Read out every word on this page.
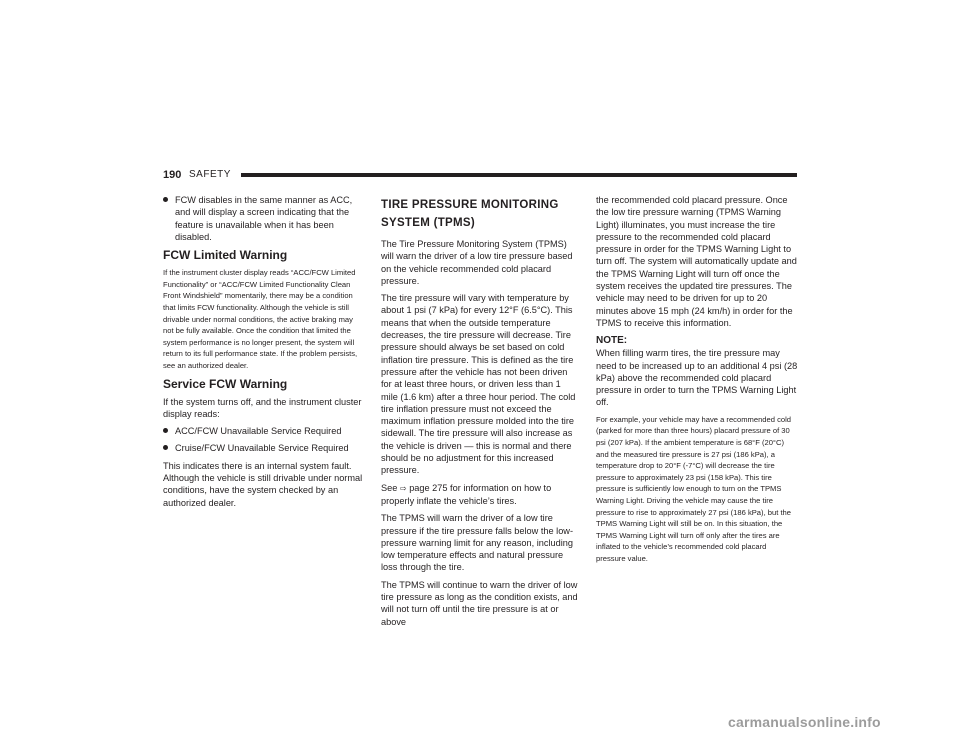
190 SAFETY
FCW disables in the same manner as ACC, and will display a screen indicating that the feature is unavailable when it has been disabled.
FCW Limited Warning

If the instrument cluster display reads “ACC/FCW Limited Functionality” or “ACC/FCW Limited Functionality Clean Front Windshield” momentarily, there may be a condition that limits FCW functionality. Although the vehicle is still drivable under normal conditions, the active braking may not be fully available. Once the condition that limited the system performance is no longer present, the system will return to its full performance state. If the problem persists, see an authorized dealer.

Service FCW Warning

If the system turns off, and the instrument cluster display reads:

ACC/FCW Unavailable Service Required
Cruise/FCW Unavailable Service Required

This indicates there is an internal system fault. Although the vehicle is still drivable under normal conditions, have the system checked by an authorized dealer.

TIRE PRESSURE MONITORING
SYSTEM (TPMS)

The Tire Pressure Monitoring System (TPMS) will warn the driver of a low tire pressure based on the vehicle recommended cold placard pressure.

The tire pressure will vary with temperature by about 1 psi (7 kPa) for every 12°F (6.5°C). This means that when the outside temperature decreases, the tire pressure will decrease. Tire pressure should always be set based on cold inflation tire pressure. This is defined as the tire pressure after the vehicle has not been driven for at least three hours, or driven less than 1 mile (1.6 km) after a three hour period. The cold tire inflation pressure must not exceed the maximum inflation pressure molded into the tire sidewall. The tire pressure will also increase as the vehicle is driven — this is normal and there should be no adjustment for this increased pressure.

See ⇨ page 275 for information on how to properly inflate the vehicle’s tires.

The TPMS will warn the driver of a low tire pressure if the tire pressure falls below the low-pressure warning limit for any reason, including low temperature effects and natural pressure loss through the tire.

The TPMS will continue to warn the driver of low tire pressure as long as the condition exists, and will not turn off until the tire pressure is at or above

the recommended cold placard pressure. Once the low tire pressure warning (TPMS Warning Light) illuminates, you must increase the tire pressure to the recommended cold placard pressure in order for the TPMS Warning Light to turn off. The system will automatically update and the TPMS Warning Light will turn off once the system receives the updated tire pressures. The vehicle may need to be driven for up to 20 minutes above 15 mph (24 km/h) in order for the TPMS to receive this information.

NOTE:

When filling warm tires, the tire pressure may need to be increased up to an additional 4 psi (28 kPa) above the recommended cold placard pressure in order to turn the TPMS Warning Light off.

For example, your vehicle may have a recommended cold (parked for more than three hours) placard pressure of 30 psi (207 kPa). If the ambient temperature is 68°F (20°C) and the measured tire pressure is 27 psi (186 kPa), a temperature drop to 20°F (-7°C) will decrease the tire pressure to approximately 23 psi (158 kPa). This tire pressure is sufficiently low enough to turn on the TPMS Warning Light. Driving the vehicle may cause the tire pressure to rise to approximately 27 psi (186 kPa), but the TPMS Warning Light will still be on. In this situation, the TPMS Warning Light will turn off only after the tires are inflated to the vehicle’s recommended cold placard pressure value.

carmanualsonline.info
